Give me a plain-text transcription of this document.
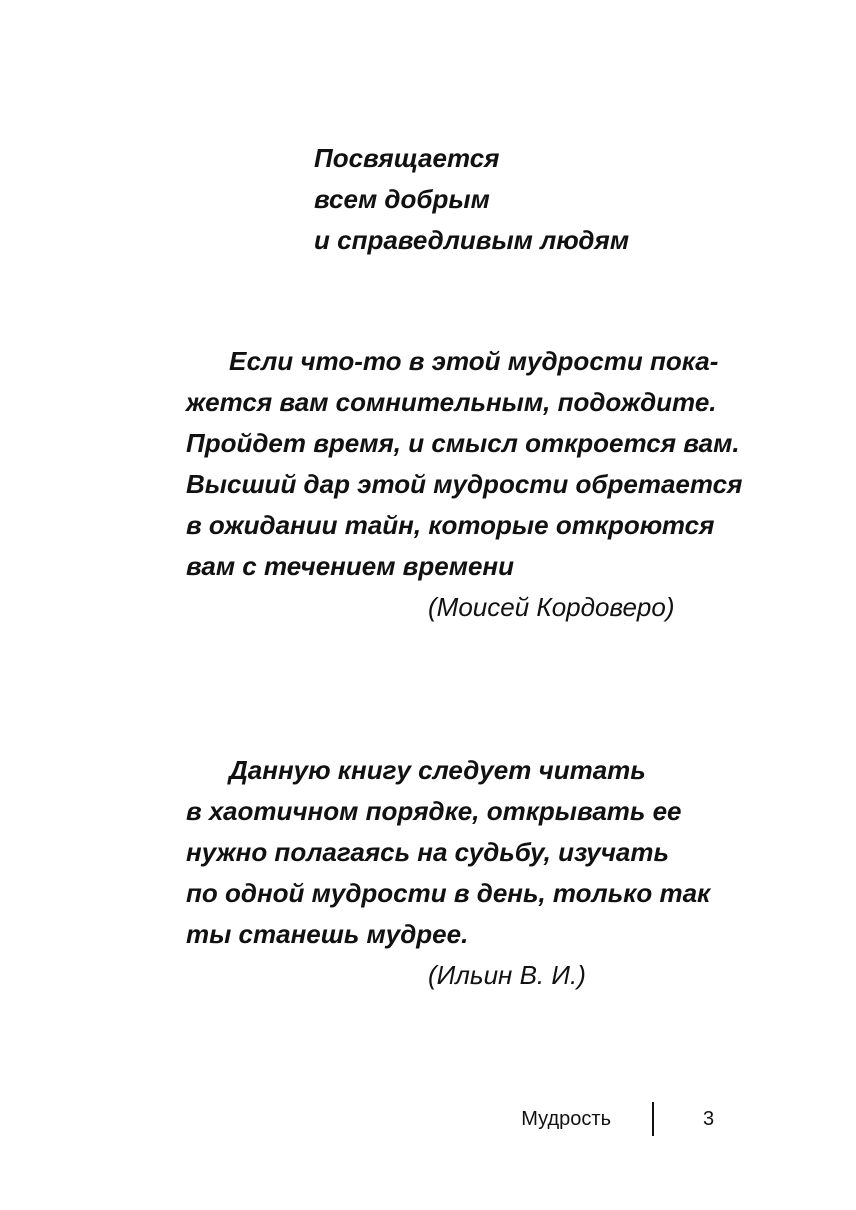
Посвящается
всем добрым
и справедливым людям
Если что-то в этой мудрости пока-
жется вам сомнительным, подождите.
Пройдет время, и смысл откроется вам.
Высший дар этой мудрости обретается
в ожидании тайн, которые откроются
вам с течением времени
(Моисей Кордоверо)
Данную книгу следует читать
в хаотичном порядке, открывать ее
нужно полагаясь на судьбу, изучать
по одной мудрости в день, только так
ты станешь мудрее.
(Ильин В. И.)
Мудрость	3
